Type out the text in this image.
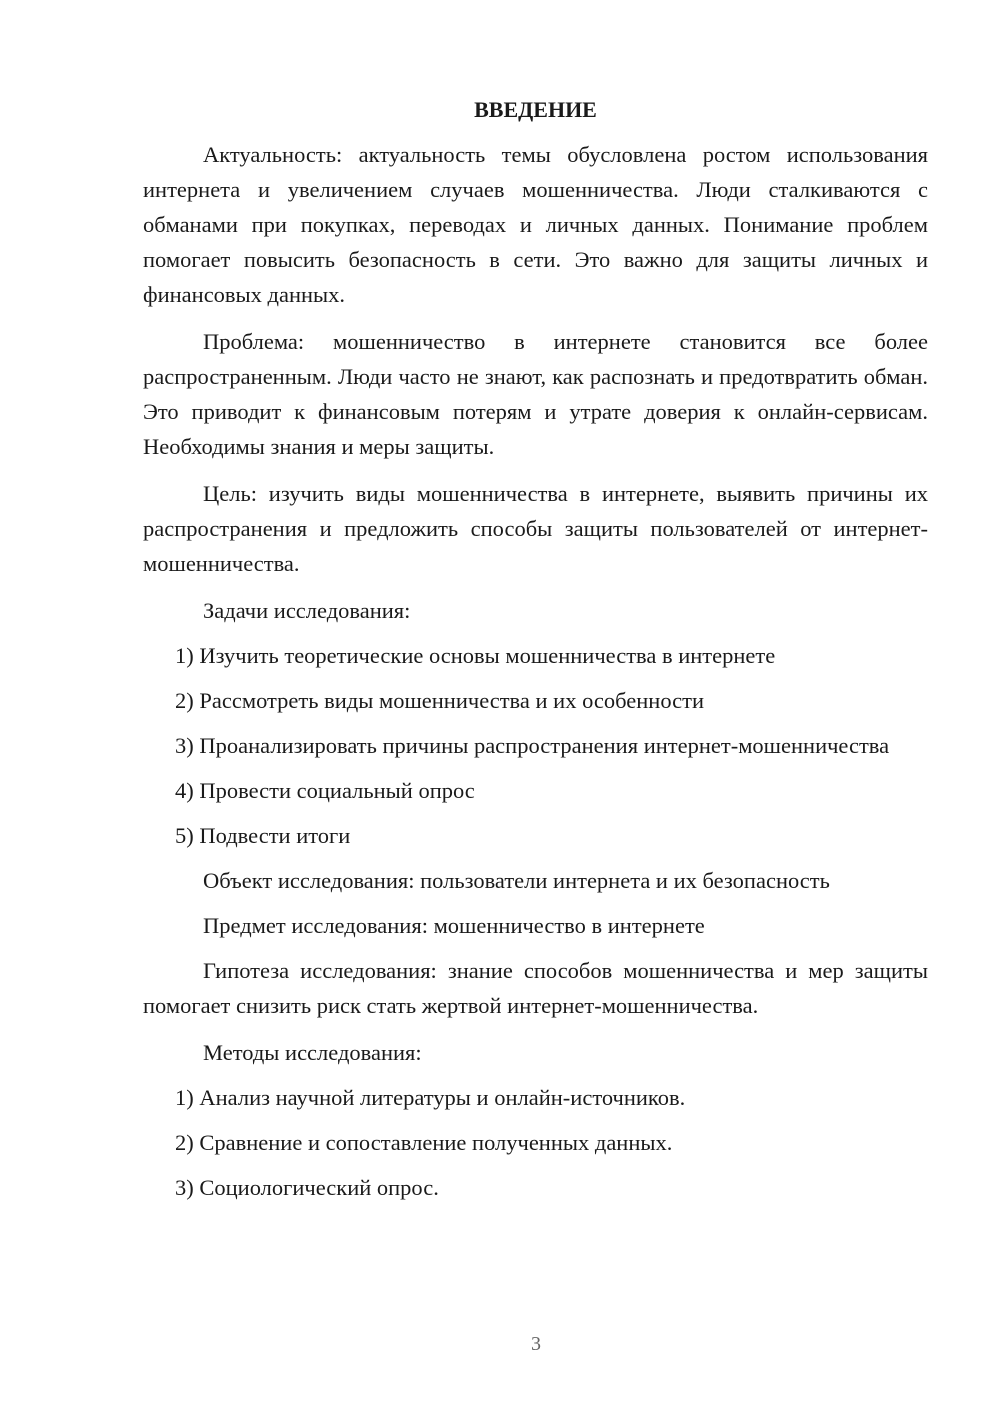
ВВЕДЕНИЕ

Актуальность: актуальность темы обусловлена ростом использования интернета и увеличением случаев мошенничества. Люди сталкиваются с обманами при покупках, переводах и личных данных. Понимание проблем помогает повысить безопасность в сети. Это важно для защиты личных и финансовых данных.

Проблема: мошенничество в интернете становится все более распространенным. Люди часто не знают, как распознать и предотвратить обман. Это приводит к финансовым потерям и утрате доверия к онлайн-сервисам. Необходимы знания и меры защиты.

Цель: изучить виды мошенничества в интернете, выявить причины их распространения и предложить способы защиты пользователей от интернет-мошенничества.

Задачи исследования:
1) Изучить теоретические основы мошенничества в интернете
2) Рассмотреть виды мошенничества и их особенности
3) Проанализировать причины распространения интернет-мошенничества
4) Провести социальный опрос
5) Подвести итоги
Объект исследования: пользователи интернета и их безопасность
Предмет исследования: мошенничество в интернете

Гипотеза исследования: знание способов мошенничества и мер защиты помогает снизить риск стать жертвой интернет-мошенничества.

Методы исследования:
1) Анализ научной литературы и онлайн-источников.
2) Сравнение и сопоставление полученных данных.
3) Социологический опрос.
3
